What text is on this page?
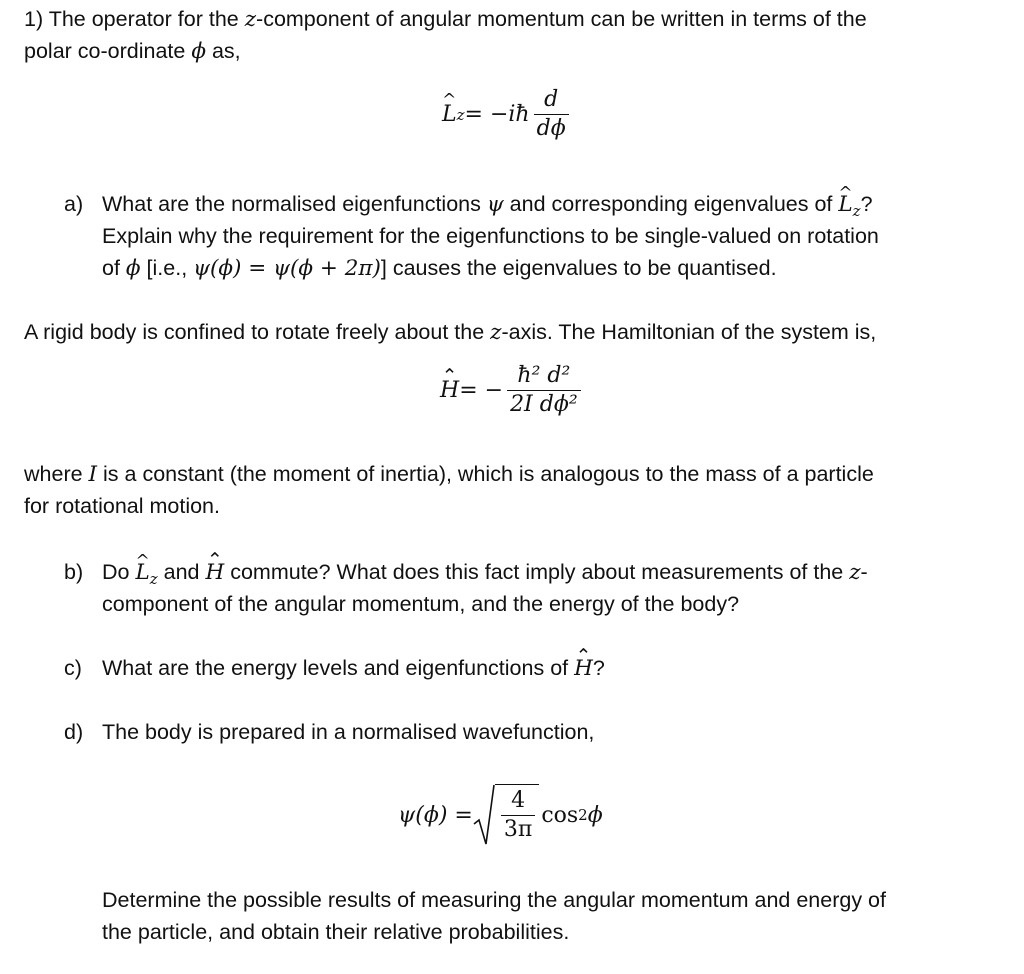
1) The operator for the z-component of angular momentum can be written in terms of the
polar co-ordinate ϕ as,
^ L z = − iħ $\frac{d}{d\phi}$
a) What are the normalised eigenfunctions ψ and corresponding eigenvalues of ^ $L_z$?
Explain why the requirement for the eigenfunctions to be single-valued on rotation
of ϕ [i.e., ψ(ϕ) = ψ(ϕ + 2π)] causes the eigenvalues to be quantised.
A rigid body is confined to rotate freely about the z-axis. The Hamiltonian of the system is,
⌃ H = − $\frac{\text{ħ² d²}}{\text{2I dϕ²}}$
where I is a constant (the moment of inertia), which is analogous to the mass of a particle
for rotational motion.
b) Do ^ $L_z$ and ⌃ H commute? What does this fact imply about measurements of the z-
component of the angular momentum, and the energy of the body?
c) What are the energy levels and eigenfunctions of ⌃ H?
d) The body is prepared in a normalised wavefunction,
$\psi(\phi) = \frac{4}{3\pi}$ cos 2 ϕ
Determine the possible results of measuring the angular momentum and energy of
the particle, and obtain their relative probabilities.
